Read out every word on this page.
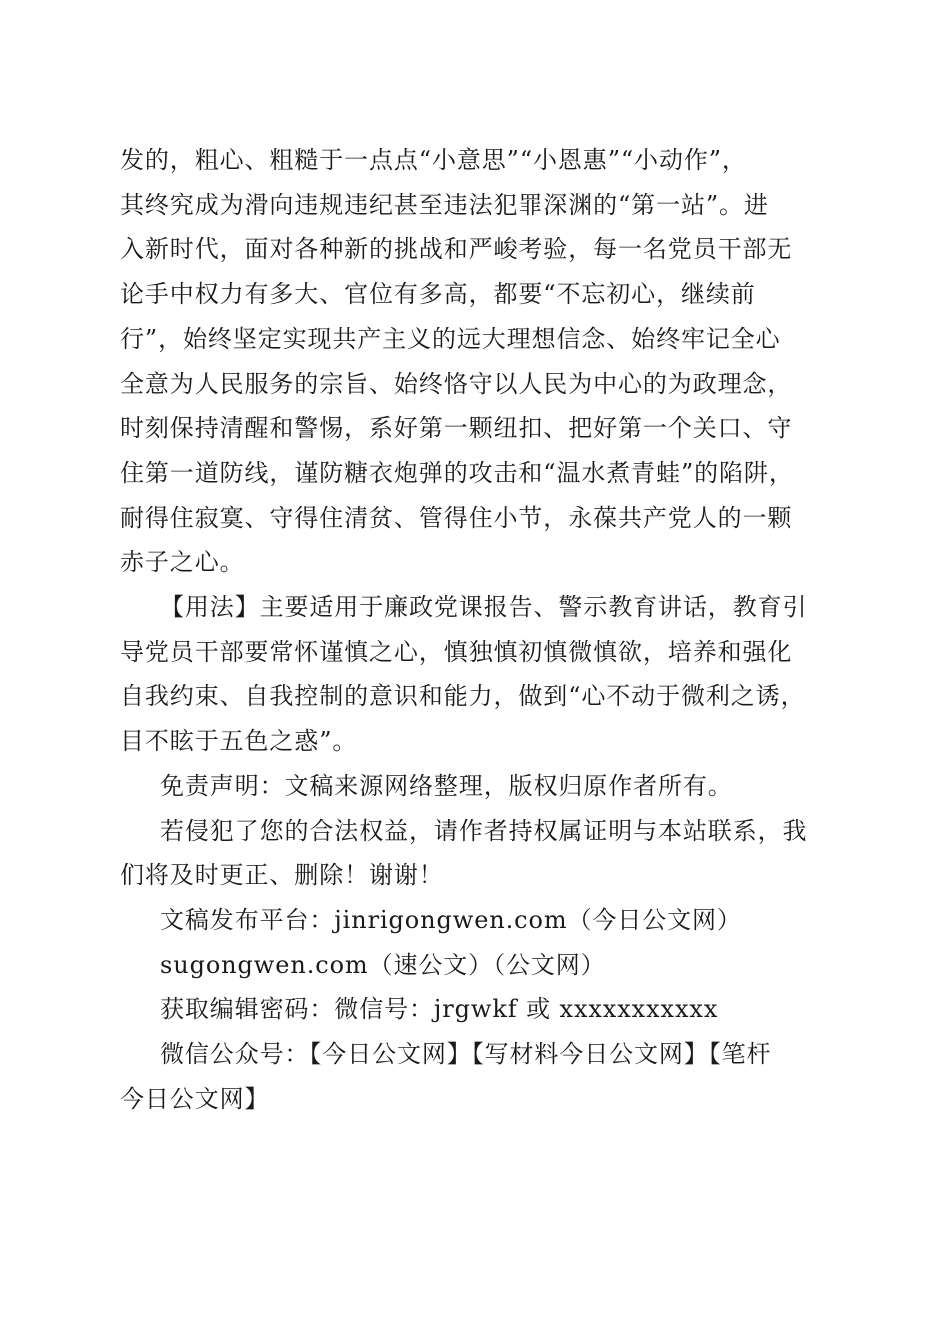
发的，粗心、粗糙于一点点“小意思”“小恩惠”“小动作”，
其终究成为滑向违规违纪甚至违法犯罪深渊的“第一站”。进
入新时代，面对各种新的挑战和严峻考验，每一名党员干部无
论手中权力有多大、官位有多高，都要“不忘初心，继续前
行”，始终坚定实现共产主义的远大理想信念、始终牢记全心
全意为人民服务的宗旨、始终恪守以人民为中心的为政理念，
时刻保持清醒和警惕，系好第一颗纽扣、把好第一个关口、守
住第一道防线，谨防糖衣炮弹的攻击和“温水煮青蛙”的陷阱，
耐得住寂寞、守得住清贫、管得住小节，永葆共产党人的一颗
赤子之心。
【用法】主要适用于廉政党课报告、警示教育讲话，教育引
导党员干部要常怀谨慎之心，慎独慎初慎微慎欲，培养和强化
自我约束、自我控制的意识和能力，做到“心不动于微利之诱，
目不眩于五色之惑”。
免责声明：文稿来源网络整理，版权归原作者所有。
若侵犯了您的合法权益，请作者持权属证明与本站联系，我
们将及时更正、删除！谢谢！
文稿发布平台：jinrigongwen.com（今日公文网）
sugongwen.com（速公文）（公文网）
获取编辑密码：微信号：jrgwkf 或 xxxxxxxxxxx
微信公众号：【今日公文网】【写材料今日公文网】【笔杆
今日公文网】
